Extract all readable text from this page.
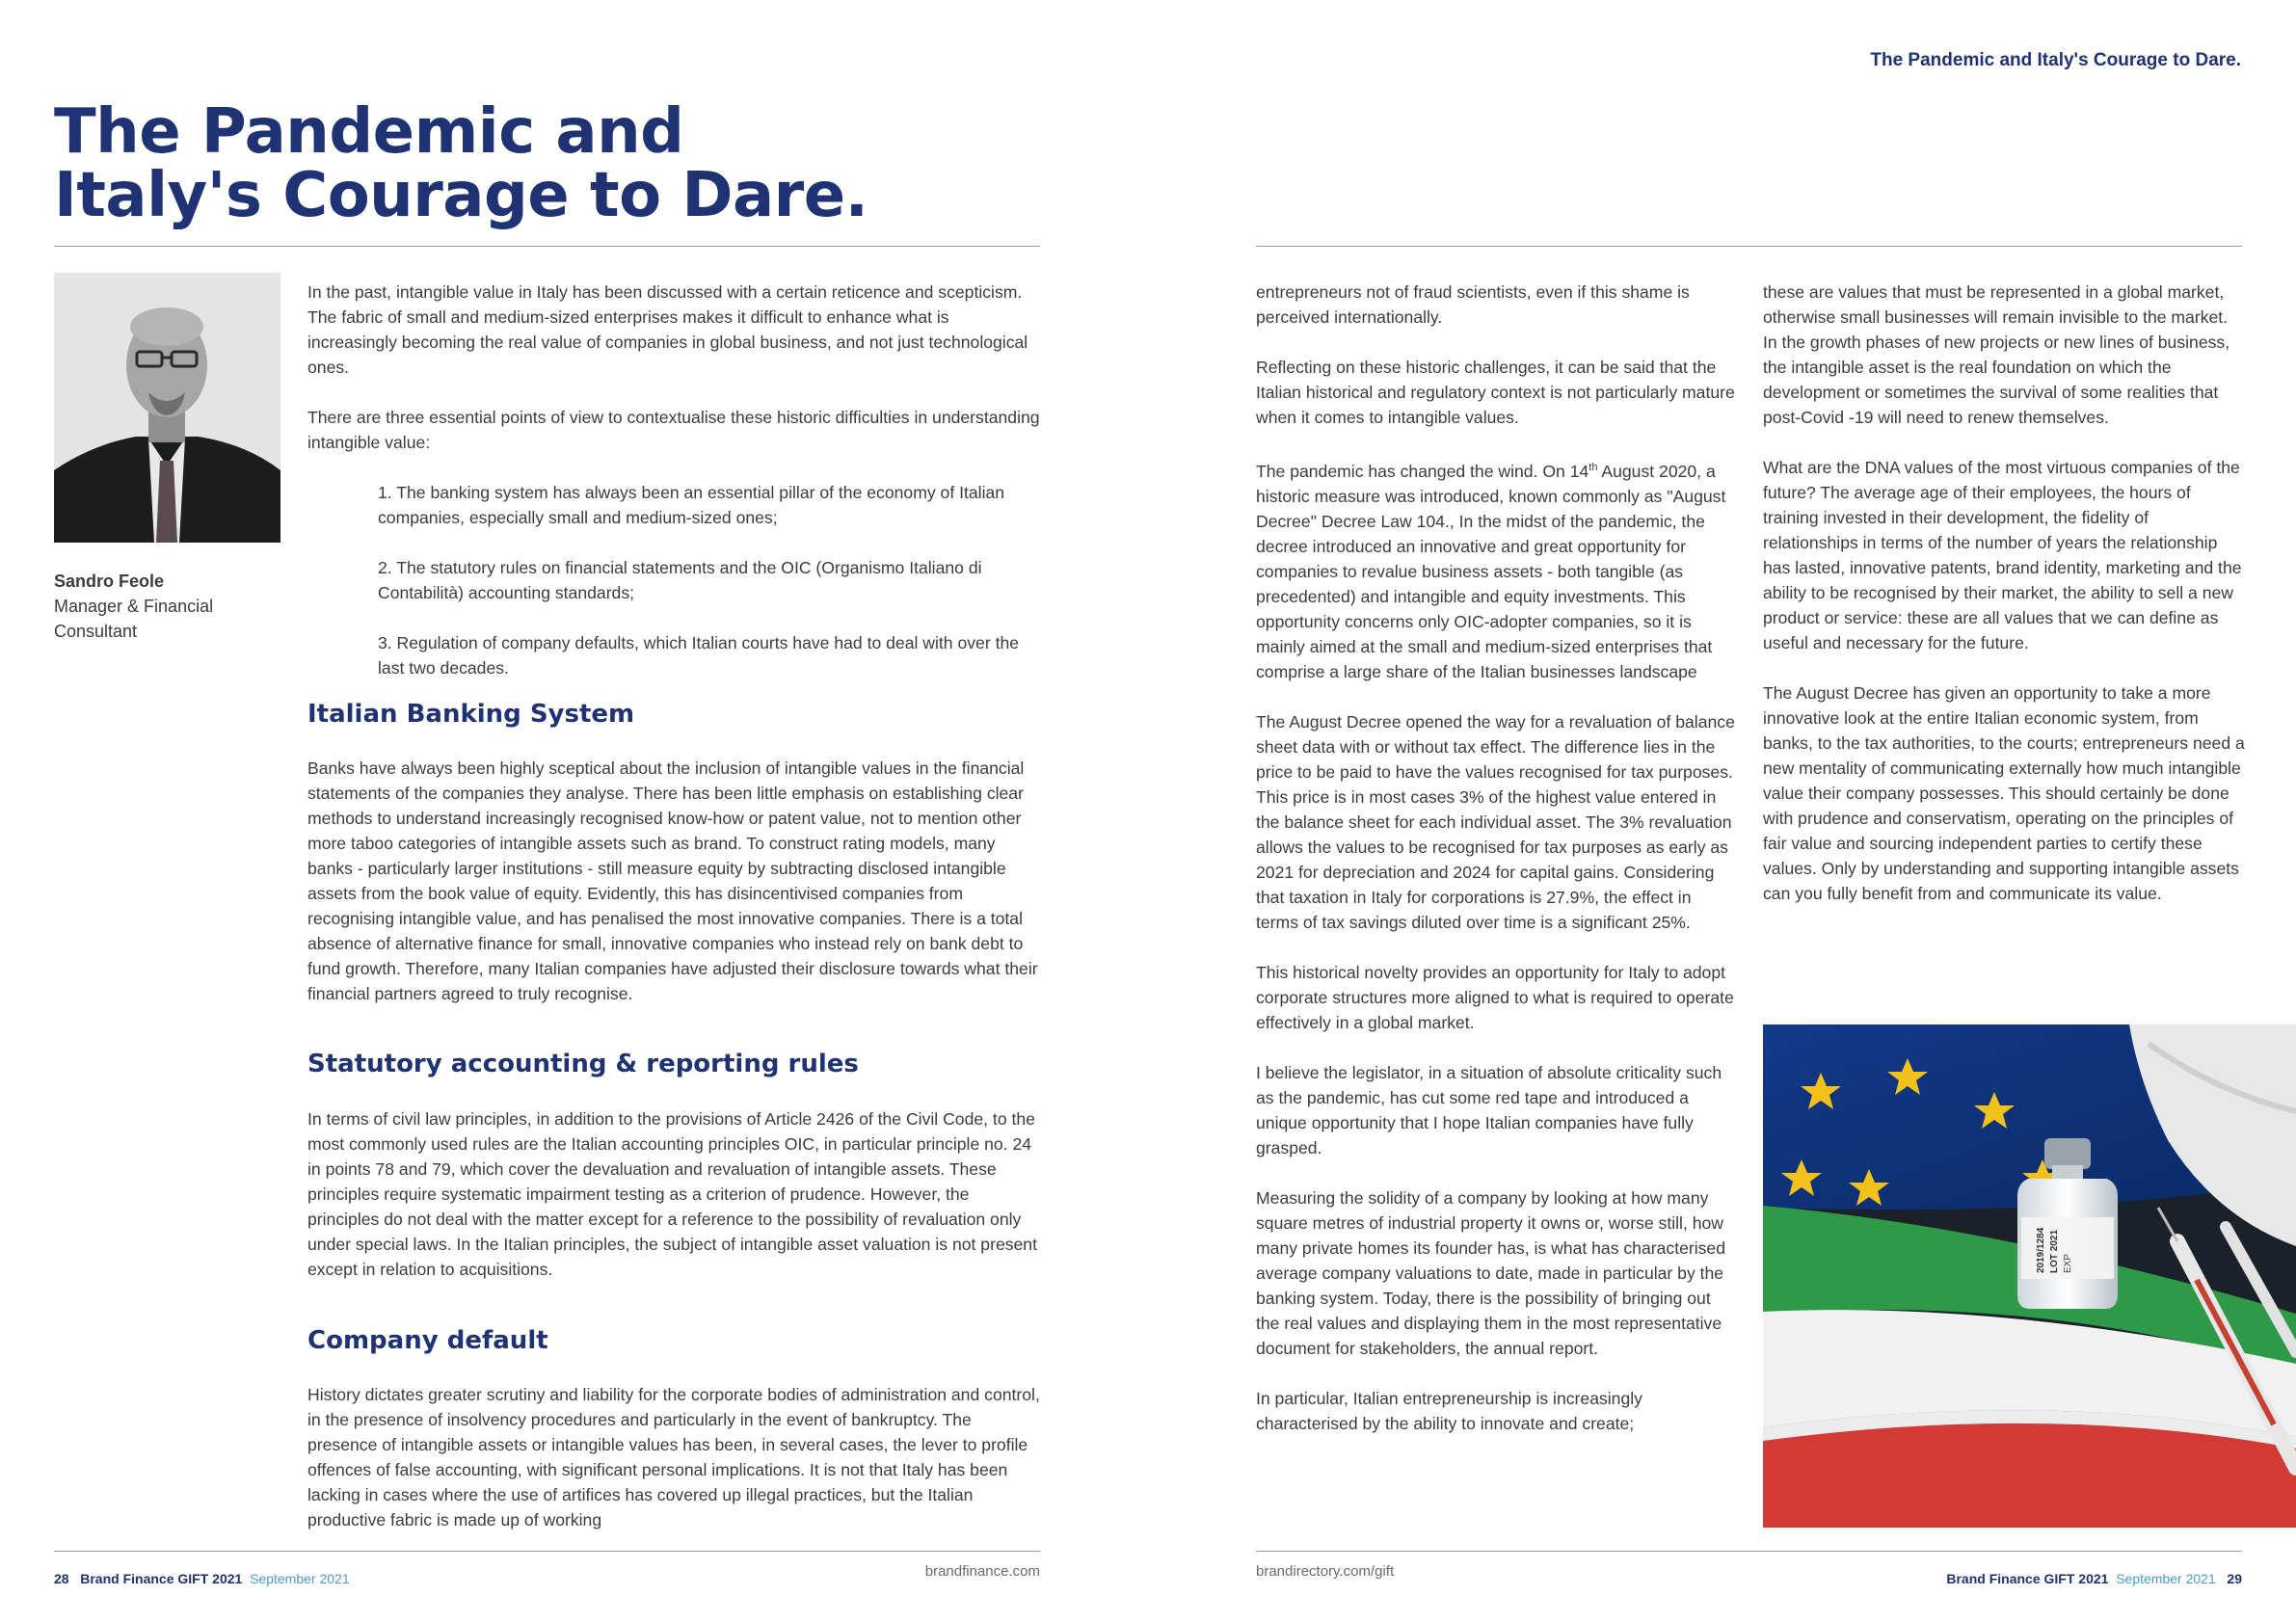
The Pandemic and Italy's Courage to Dare.
The Pandemic and
Italy's Courage to Dare.
Sandro Feole
Manager & Financial
Consultant

In the past, intangible value in Italy has been discussed with a certain reticence and scepticism. The fabric of small and medium-sized enterprises makes it difficult to enhance what is increasingly becoming the real value of companies in global business, and not just technological ones.

There are three essential points of view to contextualise these historic difficulties in understanding intangible value:

1. The banking system has always been an essential pillar of the economy of Italian companies, especially small and medium-sized ones;

2. The statutory rules on financial statements and the OIC (Organismo Italiano di Contabilità) accounting standards;

3. Regulation of company defaults, which Italian courts have had to deal with over the last two decades.

Italian Banking System

Banks have always been highly sceptical about the inclusion of intangible values in the financial statements of the companies they analyse. There has been little emphasis on establishing clear methods to understand increasingly recognised know-how or patent value, not to mention other more taboo categories of intangible assets such as brand. To construct rating models, many banks - particularly larger institutions - still measure equity by subtracting disclosed intangible assets from the book value of equity. Evidently, this has disincentivised companies from recognising intangible value, and has penalised the most innovative companies. There is a total absence of alternative finance for small, innovative companies who instead rely on bank debt to fund growth. Therefore, many Italian companies have adjusted their disclosure towards what their financial partners agreed to truly recognise.

Statutory accounting & reporting rules

In terms of civil law principles, in addition to the provisions of Article 2426 of the Civil Code, to the most commonly used rules are the Italian accounting principles OIC, in particular principle no. 24 in points 78 and 79, which cover the devaluation and revaluation of intangible assets. These principles require systematic impairment testing as a criterion of prudence. However, the principles do not deal with the matter except for a reference to the possibility of revaluation only under special laws. In the Italian principles, the subject of intangible asset valuation is not present except in relation to acquisitions.

Company default

History dictates greater scrutiny and liability for the corporate bodies of administration and control, in the presence of insolvency procedures and particularly in the event of bankruptcy. The presence of intangible assets or intangible values has been, in several cases, the lever to profile offences of false accounting, with significant personal implications. It is not that Italy has been lacking in cases where the use of artifices has covered up illegal practices, but the Italian productive fabric is made up of working

entrepreneurs not of fraud scientists, even if this shame is perceived internationally.

Reflecting on these historic challenges, it can be said that the Italian historical and regulatory context is not particularly mature when it comes to intangible values.

The pandemic has changed the wind. On 14th August 2020, a historic measure was introduced, known commonly as "August Decree" Decree Law 104., In the midst of the pandemic, the decree introduced an innovative and great opportunity for companies to revalue business assets - both tangible (as precedented) and intangible and equity investments. This opportunity concerns only OIC-adopter companies, so it is mainly aimed at the small and medium-sized enterprises that comprise a large share of the Italian businesses landscape

The August Decree opened the way for a revaluation of balance sheet data with or without tax effect. The difference lies in the price to be paid to have the values recognised for tax purposes. This price is in most cases 3% of the highest value entered in the balance sheet for each individual asset. The 3% revaluation allows the values to be recognised for tax purposes as early as 2021 for depreciation and 2024 for capital gains. Considering that taxation in Italy for corporations is 27.9%, the effect in terms of tax savings diluted over time is a significant 25%.

This historical novelty provides an opportunity for Italy to adopt corporate structures more aligned to what is required to operate effectively in a global market.

I believe the legislator, in a situation of absolute criticality such as the pandemic, has cut some red tape and introduced a unique opportunity that I hope Italian companies have fully grasped.

Measuring the solidity of a company by looking at how many square metres of industrial property it owns or, worse still, how many private homes its founder has, is what has characterised average company valuations to date, made in particular by the banking system. Today, there is the possibility of bringing out the real values and displaying them in the most representative document for stakeholders, the annual report.

In particular, Italian entrepreneurship is increasingly characterised by the ability to innovate and create;

these are values that must be represented in a global market, otherwise small businesses will remain invisible to the market. In the growth phases of new projects or new lines of business, the intangible asset is the real foundation on which the development or sometimes the survival of some realities that post-Covid -19 will need to renew themselves.

What are the DNA values of the most virtuous companies of the future? The average age of their employees, the hours of training invested in their development, the fidelity of relationships in terms of the number of years the relationship has lasted, innovative patents, brand identity, marketing and the ability to be recognised by their market, the ability to sell a new product or service: these are all values that we can define as useful and necessary for the future.

The August Decree has given an opportunity to take a more innovative look at the entire Italian economic system, from banks, to the tax authorities, to the courts; entrepreneurs need a new mentality of communicating externally how much intangible value their company possesses. This should certainly be done with prudence and conservatism, operating on the principles of fair value and sourcing independent parties to certify these values. Only by understanding and supporting intangible assets can you fully benefit from and communicate its value.

2019/1284 LOT 2021 EXP
28 Brand Finance GIFT 2021 September 2021	brandfinance.com	brandirectory.com/gift	Brand Finance GIFT 2021 September 2021 29
